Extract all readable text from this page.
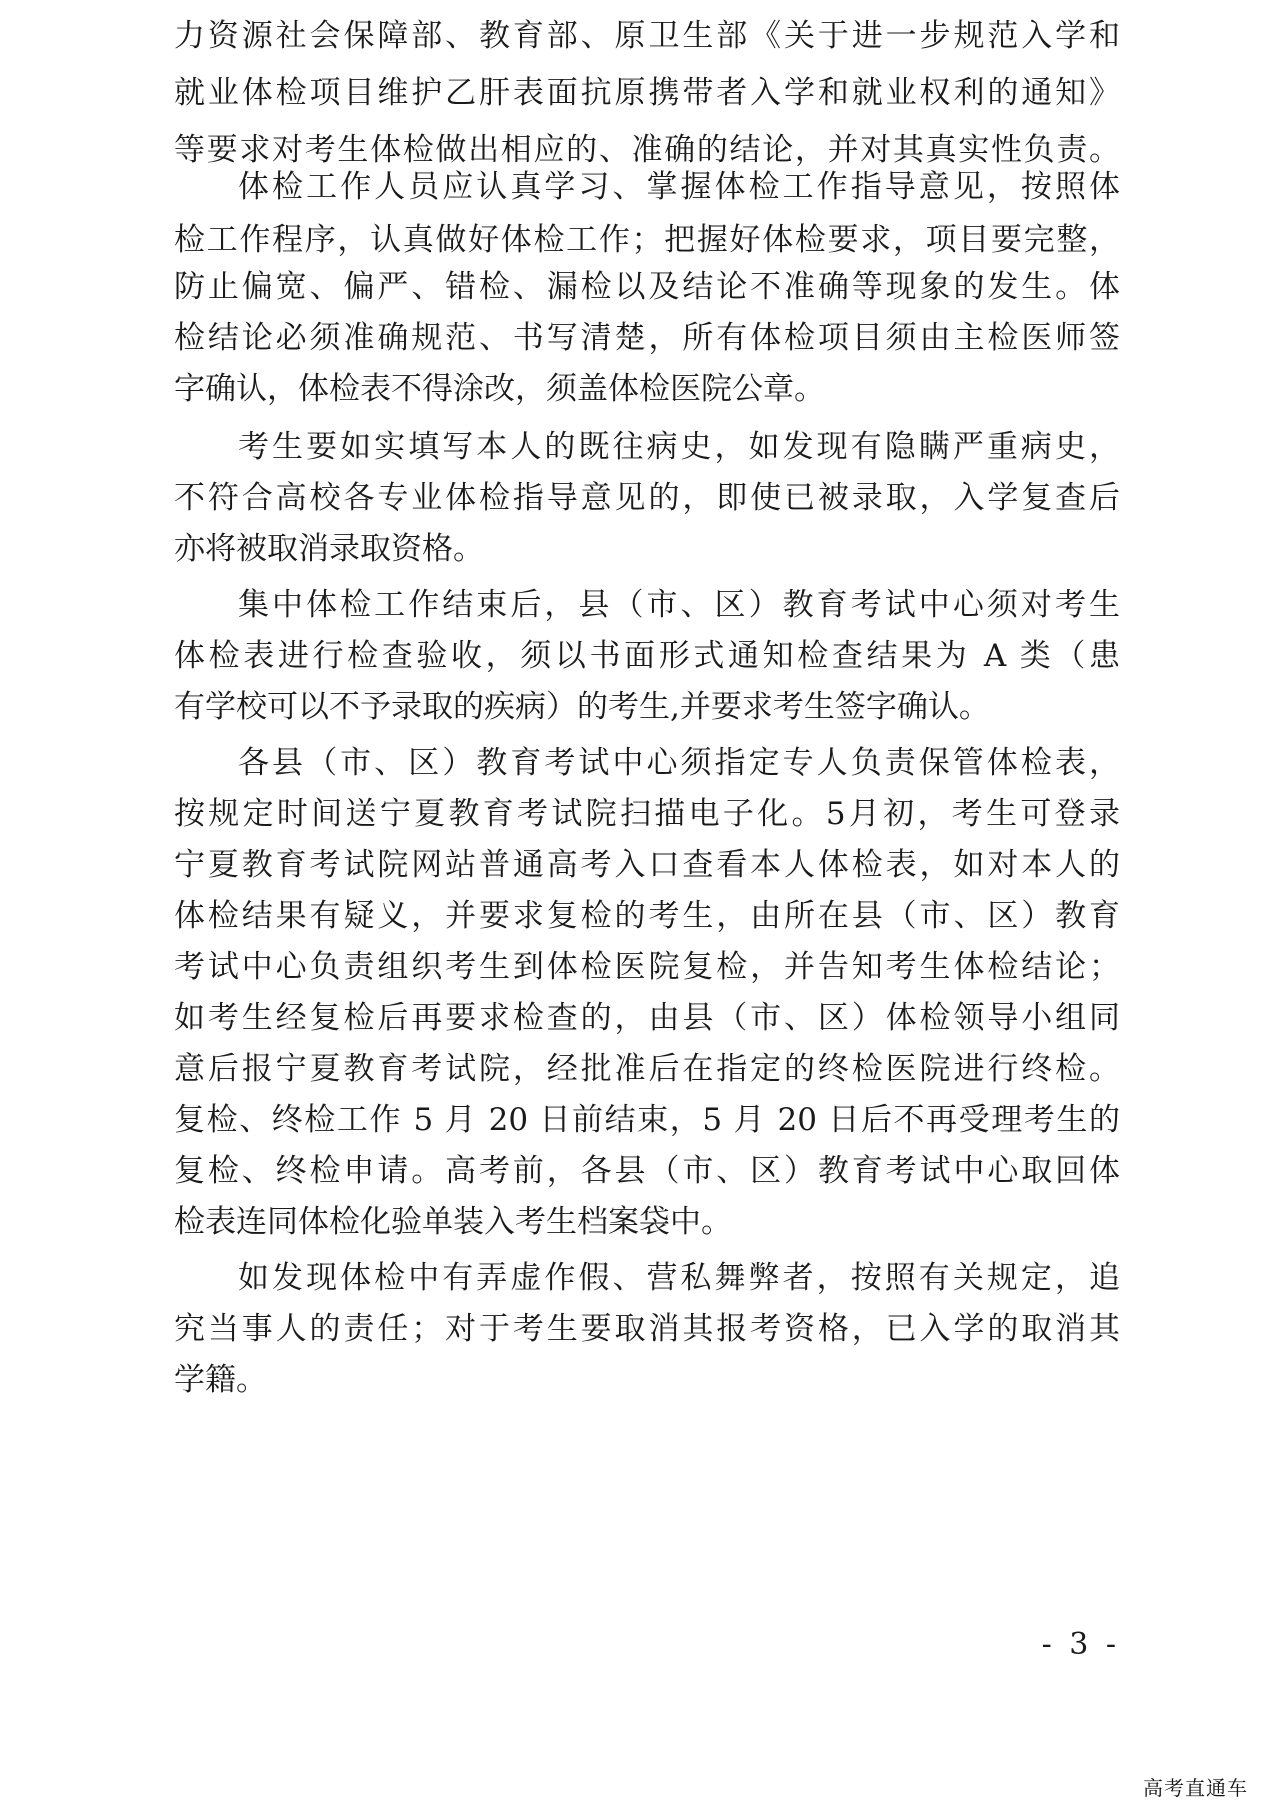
力资源社会保障部、教育部、原卫生部《关于进一步规范入学和
就业体检项目维护乙肝表面抗原携带者入学和就业权利的通知》
等要求对考生体检做出相应的、准确的结论，并对其真实性负责。
体检工作人员应认真学习、掌握体检工作指导意见，按照体
检工作程序，认真做好体检工作；把握好体检要求，项目要完整，
防止偏宽、偏严、错检、漏检以及结论不准确等现象的发生。体
检结论必须准确规范、书写清楚，所有体检项目须由主检医师签
字确认，体检表不得涂改，须盖体检医院公章。
考生要如实填写本人的既往病史，如发现有隐瞒严重病史，
不符合高校各专业体检指导意见的，即使已被录取，入学复查后
亦将被取消录取资格。
集中体检工作结束后，县（市、区）教育考试中心须对考生
体检表进行检查验收，须以书面形式通知检查结果为 A 类（患
有学校可以不予录取的疾病）的考生,并要求考生签字确认。
各县（市、区）教育考试中心须指定专人负责保管体检表，
按规定时间送宁夏教育考试院扫描电子化。5月初，考生可登录
宁夏教育考试院网站普通高考入口查看本人体检表，如对本人的
体检结果有疑义，并要求复检的考生，由所在县（市、区）教育
考试中心负责组织考生到体检医院复检，并告知考生体检结论；
如考生经复检后再要求检查的，由县（市、区）体检领导小组同
意后报宁夏教育考试院，经批准后在指定的终检医院进行终检。
复检、终检工作 5 月 20 日前结束，5 月 20 日后不再受理考生的
复检、终检申请。高考前，各县（市、区）教育考试中心取回体
检表连同体检化验单装入考生档案袋中。
如发现体检中有弄虚作假、营私舞弊者，按照有关规定，追
究当事人的责任；对于考生要取消其报考资格，已入学的取消其
学籍。
- 3 -
高考直通车
